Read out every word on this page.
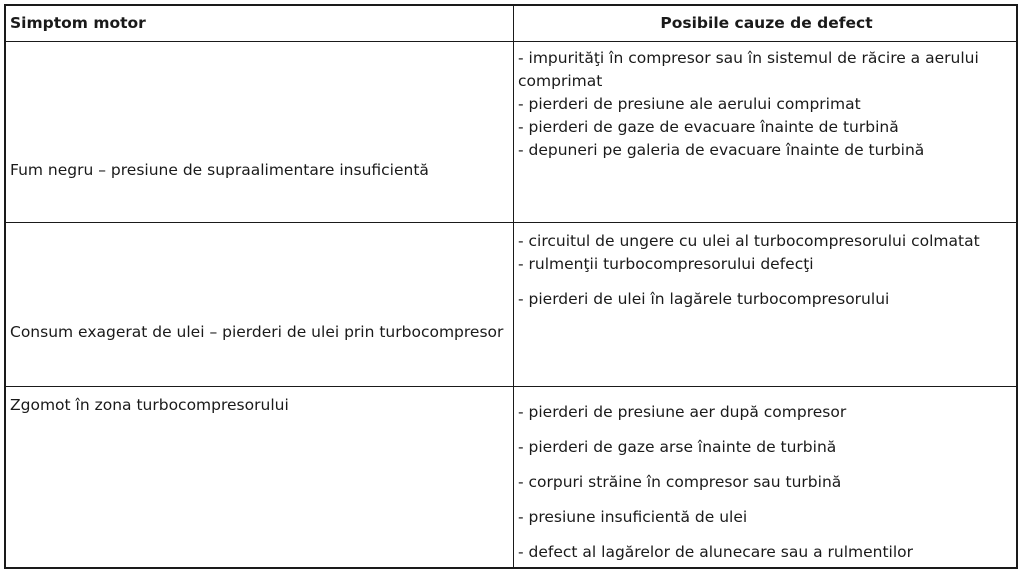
Simptom motor	Posibile cauze de defect
Fum negru – presiune de supraalimentare insuficientă
- impurităţi în compresor sau în sistemul de răcire a aerului comprimat
- pierderi de presiune ale aerului comprimat
- pierderi de gaze de evacuare înainte de turbină
- depuneri pe galeria de evacuare înainte de turbină
Consum exagerat de ulei – pierderi de ulei prin turbocompresor
- circuitul de ungere cu ulei al turbocompresorului colmatat
- rulmenţii turbocompresorului defecţi
- pierderi de ulei în lagărele turbocompresorului
Zgomot în zona turbocompresorului	- pierderi de presiune aer după compresor
- pierderi de gaze arse înainte de turbină
- corpuri străine în compresor sau turbină
- presiune insuficientă de ulei
- defect al lagărelor de alunecare sau a rulmentilor
